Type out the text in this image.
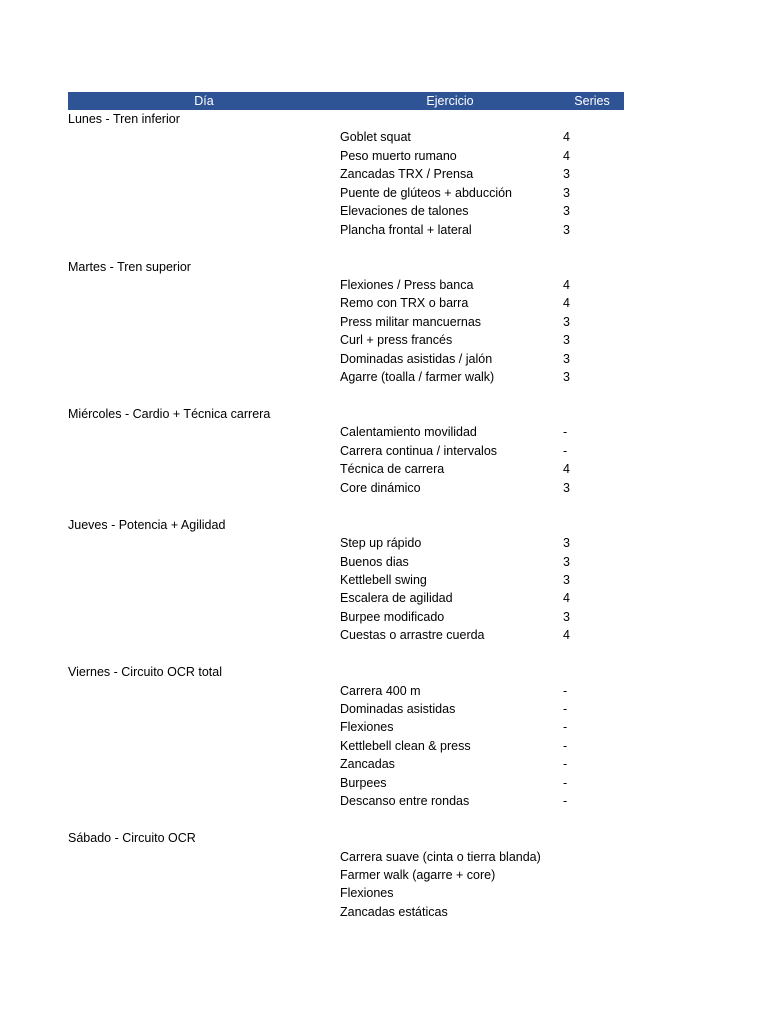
Día	Ejercicio	Series
Lunes - Tren inferior
Goblet squat	4
Peso muerto rumano	4
Zancadas TRX / Prensa	3
Puente de glúteos + abducción	3
Elevaciones de talones	3
Plancha frontal + lateral	3
Martes - Tren superior
Flexiones / Press banca	4
Remo con TRX o barra	4
Press militar mancuernas	3
Curl + press francés	3
Dominadas asistidas / jalón	3
Agarre (toalla / farmer walk)	3
Miércoles - Cardio + Técnica carrera
Calentamiento movilidad	-
Carrera continua / intervalos	-
Técnica de carrera	4
Core dinámico	3
Jueves - Potencia + Agilidad
Step up rápido	3
Buenos dias	3
Kettlebell swing	3
Escalera de agilidad	4
Burpee modificado	3
Cuestas o arrastre cuerda	4
Viernes - Circuito OCR total
Carrera 400 m	-
Dominadas asistidas	-
Flexiones	-
Kettlebell clean & press	-
Zancadas	-
Burpees	-
Descanso entre rondas	-
Sábado - Circuito OCR
Carrera suave (cinta o tierra blanda)
Farmer walk (agarre + core)
Flexiones
Zancadas estáticas
